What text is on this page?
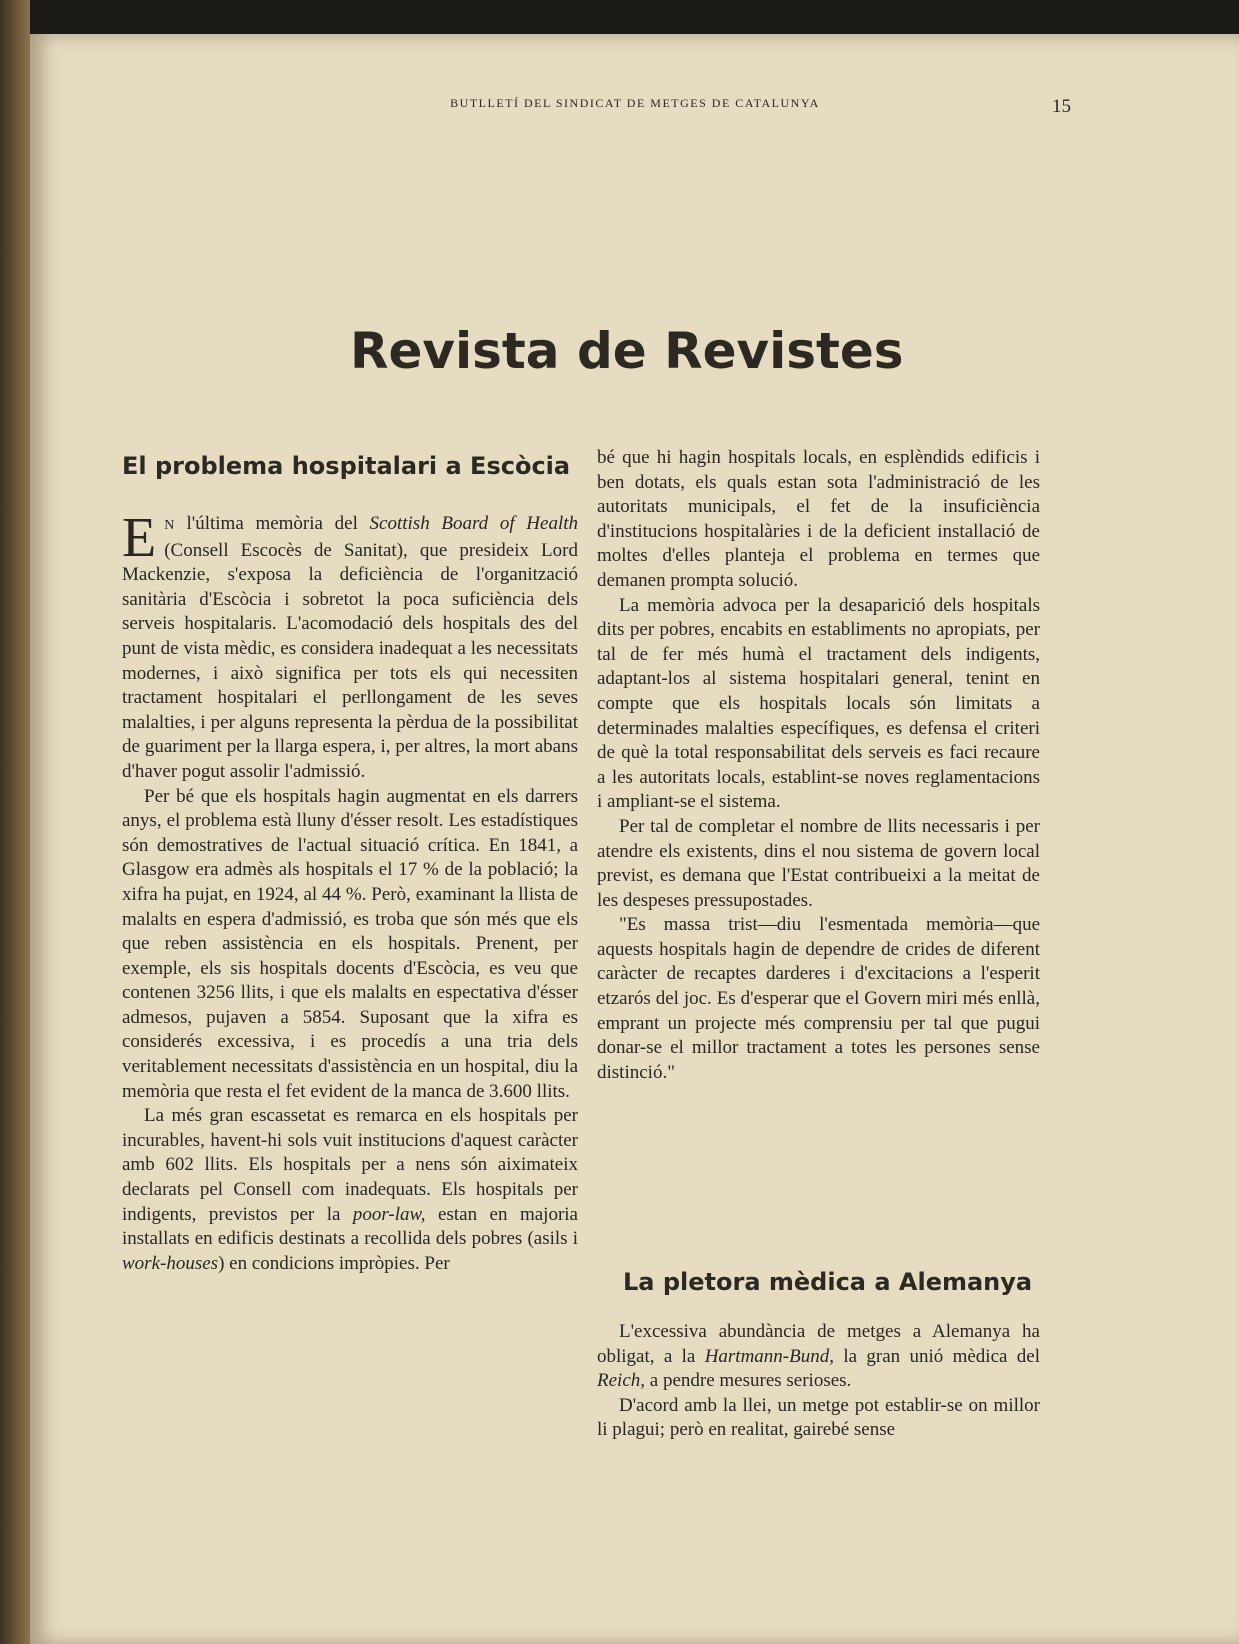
BUTLLETÍ DEL SINDICAT DE METGES DE CATALUNYA	15
Revista de Revistes
El problema hospitalari a Escòcia

E N l'última memòria del Scottish Board of Health (Consell Escocès de Sanitat), que presideix Lord Mackenzie, s'exposa la deficiència de l'organització sanitària d'Escòcia i sobretot la poca suficiència dels serveis hospitalaris. L'acomodació dels hospitals des del punt de vista mèdic, es considera inadequat a les necessitats modernes, i això significa per tots els qui necessiten tractament hospitalari el perllongament de les seves malalties, i per alguns representa la pèrdua de la possibilitat de guariment per la llarga espera, i, per altres, la mort abans d'haver pogut assolir l'admissió.

Per bé que els hospitals hagin augmentat en els darrers anys, el problema està lluny d'ésser resolt. Les estadístiques són demostratives de l'actual situació crítica. En 1841, a Glasgow era admès als hospitals el 17 % de la població; la xifra ha pujat, en 1924, al 44 %. Però, examinant la llista de malalts en espera d'admissió, es troba que són més que els que reben assistència en els hospitals. Prenent, per exemple, els sis hospitals docents d'Escòcia, es veu que contenen 3256 llits, i que els malalts en espectativa d'ésser admesos, pujaven a 5854. Suposant que la xifra es considerés excessiva, i es procedís a una tria dels veritablement necessitats d'assistència en un hospital, diu la memòria que resta el fet evident de la manca de 3.600 llits.

La més gran escassetat es remarca en els hospitals per incurables, havent-hi sols vuit institucions d'aquest caràcter amb 602 llits. Els hospitals per a nens són aiximateix declarats pel Consell com inadequats. Els hospitals per indigents, previstos per la poor-law, estan en majoria installats en edificis destinats a recollida dels pobres (asils i work-houses) en condicions impròpies. Per

bé que hi hagin hospitals locals, en esplèndids edificis i ben dotats, els quals estan sota l'administració de les autoritats municipals, el fet de la insuficiència d'institucions hospitalàries i de la deficient installació de moltes d'elles planteja el problema en termes que demanen prompta solució.

La memòria advoca per la desaparició dels hospitals dits per pobres, encabits en establiments no apropiats, per tal de fer més humà el tractament dels indigents, adaptant-los al sistema hospitalari general, tenint en compte que els hospitals locals són limitats a determinades malalties específiques, es defensa el criteri de què la total responsabilitat dels serveis es faci recaure a les autoritats locals, establint-se noves reglamentacions i ampliant-se el sistema.

Per tal de completar el nombre de llits necessaris i per atendre els existents, dins el nou sistema de govern local previst, es demana que l'Estat contribueixi a la meitat de les despeses pressupostades.

"Es massa trist—diu l'esmentada memòria—que aquests hospitals hagin de dependre de crides de diferent caràcter de recaptes darderes i d'excitacions a l'esperit etzarós del joc. Es d'esperar que el Govern miri més enllà, emprant un projecte més comprensiu per tal que pugui donar-se el millor tractament a totes les persones sense distinció."

La pletora mèdica a Alemanya

L'excessiva abundància de metges a Alemanya ha obligat, a la Hartmann-Bund, la gran unió mèdica del Reich, a pendre mesures serioses.

D'acord amb la llei, un metge pot establir-se on millor li plagui; però en realitat, gairebé sense
